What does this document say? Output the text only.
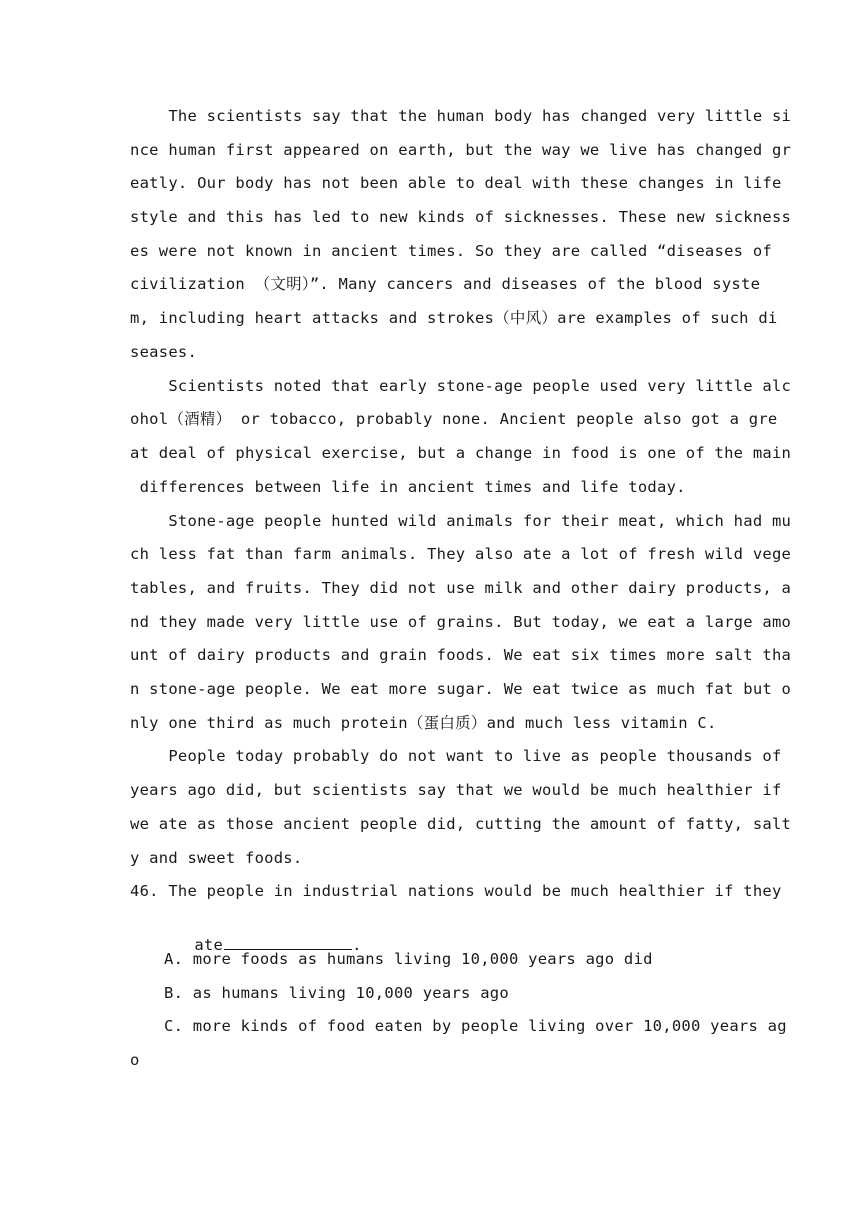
The scientists say that the human body has changed very little si
nce human first appeared on earth, but the way we live has changed gr
eatly. Our body has not been able to deal with these changes in life
style and this has led to new kinds of sicknesses. These new sickness
es were not known in ancient times. So they are called “diseases of
civilization （文明）”. Many cancers and diseases of the blood syste
m, including heart attacks and strokes（中风）are examples of such di
seases.
Scientists noted that early stone-age people used very little alc
ohol（酒精） or tobacco, probably none. Ancient people also got a gre
at deal of physical exercise, but a change in food is one of the main
differences between life in ancient times and life today.
Stone-age people hunted wild animals for their meat, which had mu
ch less fat than farm animals. They also ate a lot of fresh wild vege
tables, and fruits. They did not use milk and other dairy products, a
nd they made very little use of grains. But today, we eat a large amo
unt of dairy products and grain foods. We eat six times more salt tha
n stone-age people. We eat more sugar. We eat twice as much fat but o
nly one third as much protein（蛋白质）and much less vitamin C.
People today probably do not want to live as people thousands of
years ago did, but scientists say that we would be much healthier if
we ate as those ancient people did, cutting the amount of fatty, salt
y and sweet foods.
46. The people in industrial nations would be much healthier if they

ate	.

A. more foods as humans living 10,000 years ago did
B. as humans living 10,000 years ago
C. more kinds of food eaten by people living over 10,000 years ag
o
